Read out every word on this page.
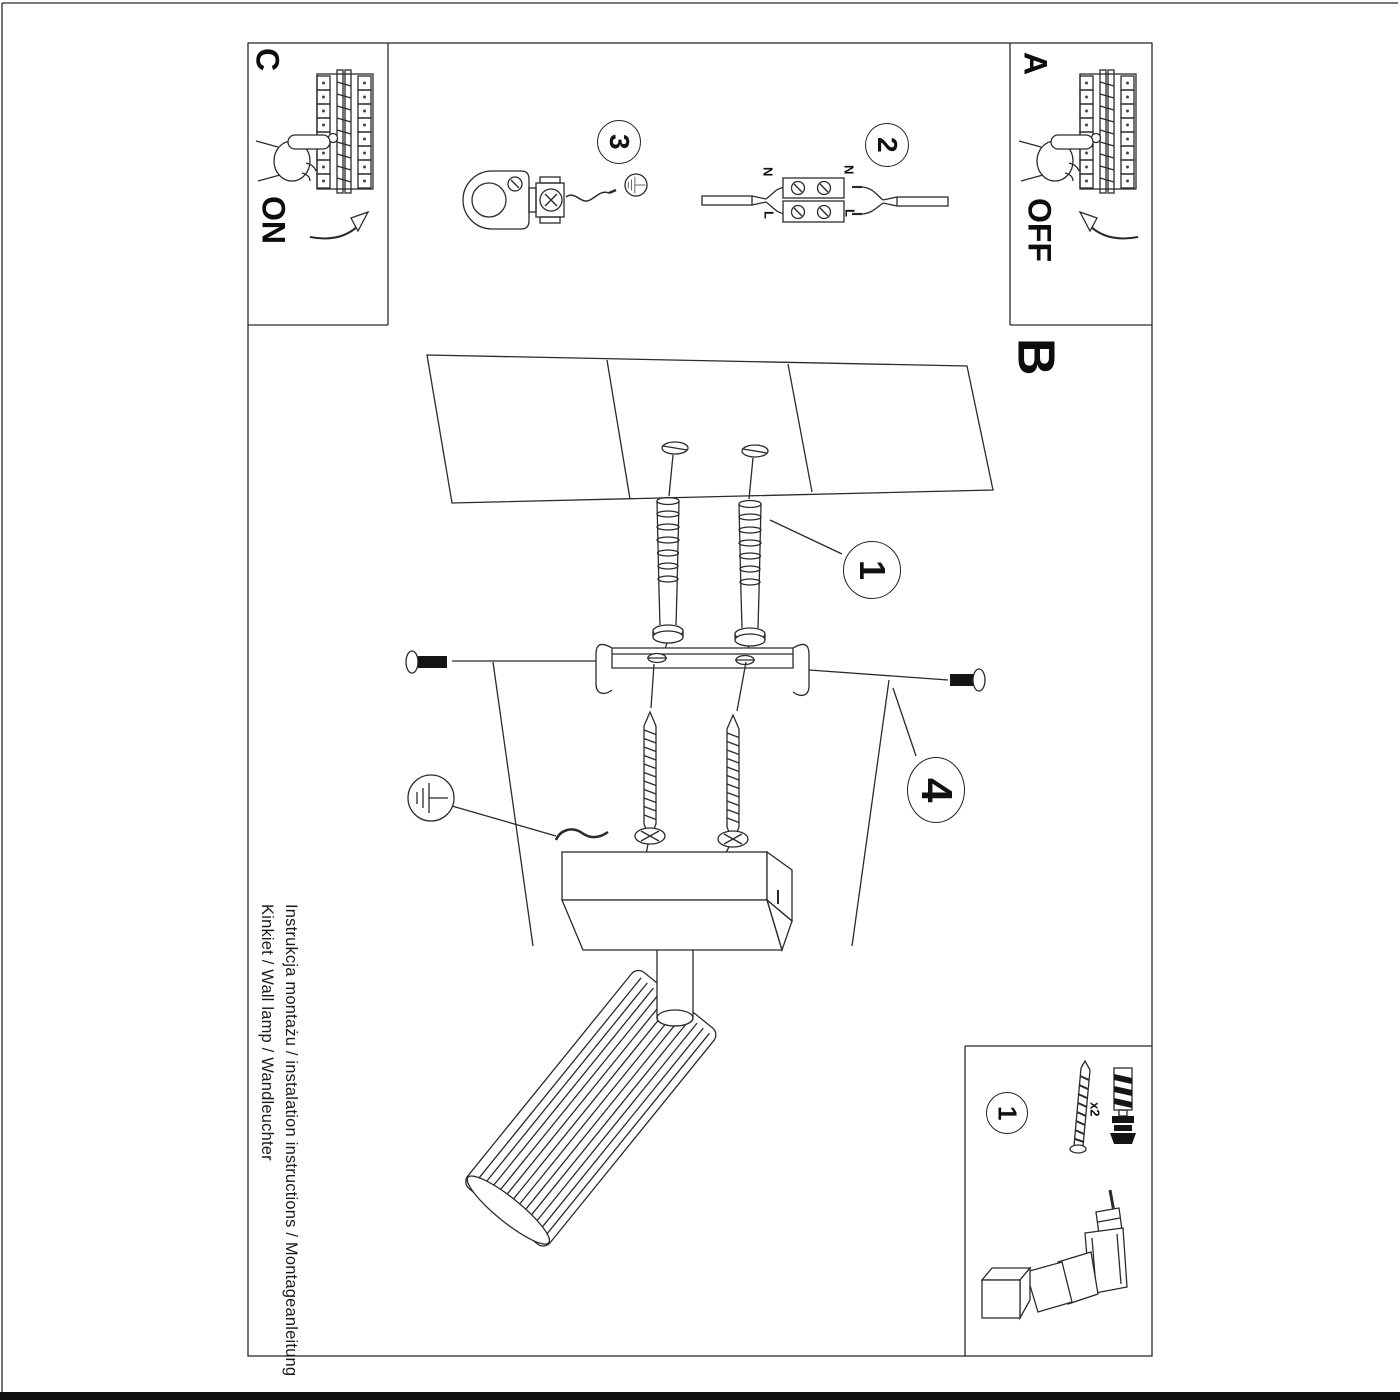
C
ON
A
OFF
B
N	N
L	L
3	2
1
4
1	x2

Instrukcja montażu / instalation instructions / Montageanleitung

Kinkiet / Wall lamp / Wandleuchter
